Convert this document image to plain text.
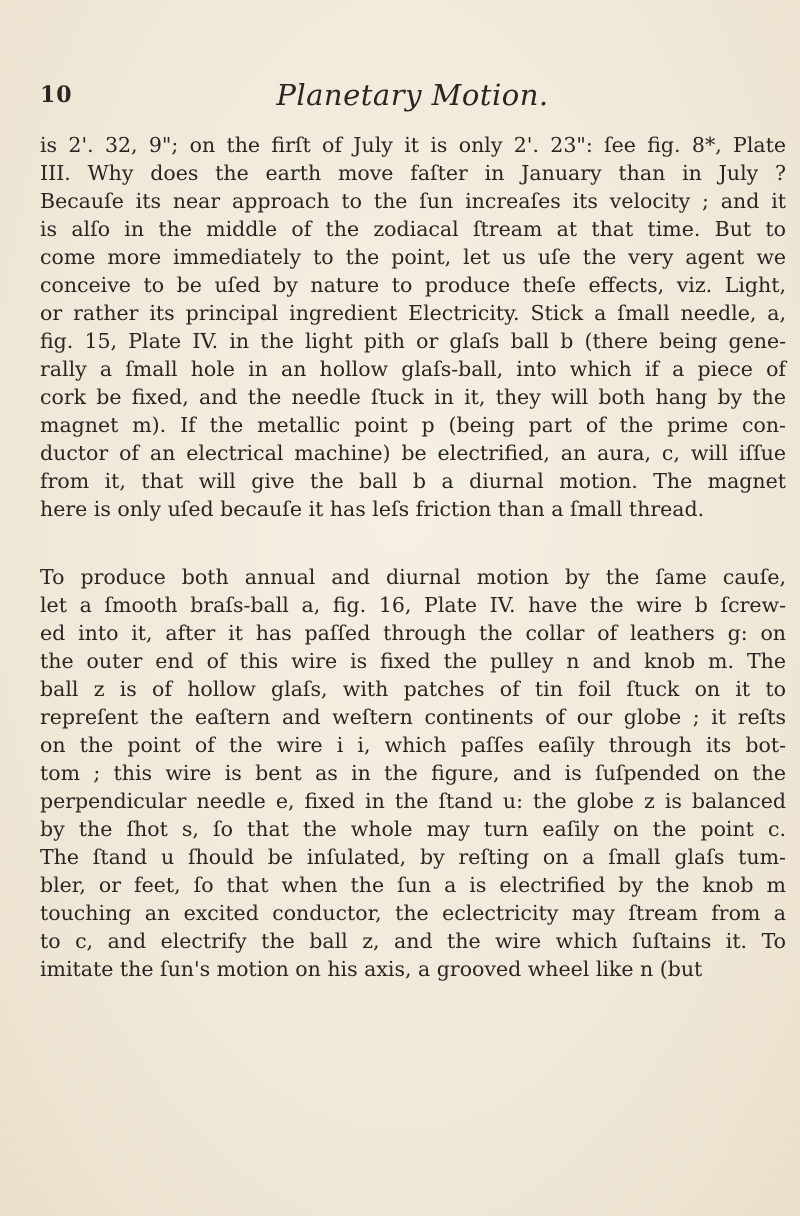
10	Planetary Motion.
is 2'. 32, 9"; on the firſt of July it is only 2'. 23": ſee fig. 8*, Plate
III. Why does the earth move faſter in January than in July ?
Becauſe its near approach to the ſun increaſes its velocity ; and it
is alſo in the middle of the zodiacal ſtream at that time. But to
come more immediately to the point, let us uſe the very agent we
conceive to be uſed by nature to produce theſe effects, viz. Light,
or rather its principal ingredient Electricity. Stick a ſmall needle, a,
fig. 15, Plate IV. in the light pith or glaſs ball b (there being gene-
rally a ſmall hole in an hollow glaſs-ball, into which if a piece of
cork be fixed, and the needle ſtuck in it, they will both hang by the
magnet m). If the metallic point p (being part of the prime con-
ductor of an electrical machine) be electrified, an aura, c, will iſſue
from it, that will give the ball b a diurnal motion. The magnet
here is only uſed becauſe it has leſs friction than a ſmall thread.
To produce both annual and diurnal motion by the ſame cauſe,
let a ſmooth braſs-ball a, fig. 16, Plate IV. have the wire b ſcrew-
ed into it, after it has paſſed through the collar of leathers g: on
the outer end of this wire is fixed the pulley n and knob m. The
ball z is of hollow glaſs, with patches of tin foil ſtuck on it to
repreſent the eaſtern and weſtern continents of our globe ; it reſts
on the point of the wire i i, which paſſes eaſily through its bot-
tom ; this wire is bent as in the figure, and is ſuſpended on the
perpendicular needle e, fixed in the ſtand u: the globe z is balanced
by the ſhot s, ſo that the whole may turn eaſily on the point c.
The ſtand u ſhould be inſulated, by reſting on a ſmall glaſs tum-
bler, or feet, ſo that when the ſun a is electrified by the knob m
touching an excited conductor, the eclectricity may ſtream from a
to c, and electrify the ball z, and the wire which ſuſtains it. To
imitate the ſun's motion on his axis, a grooved wheel like n (but
